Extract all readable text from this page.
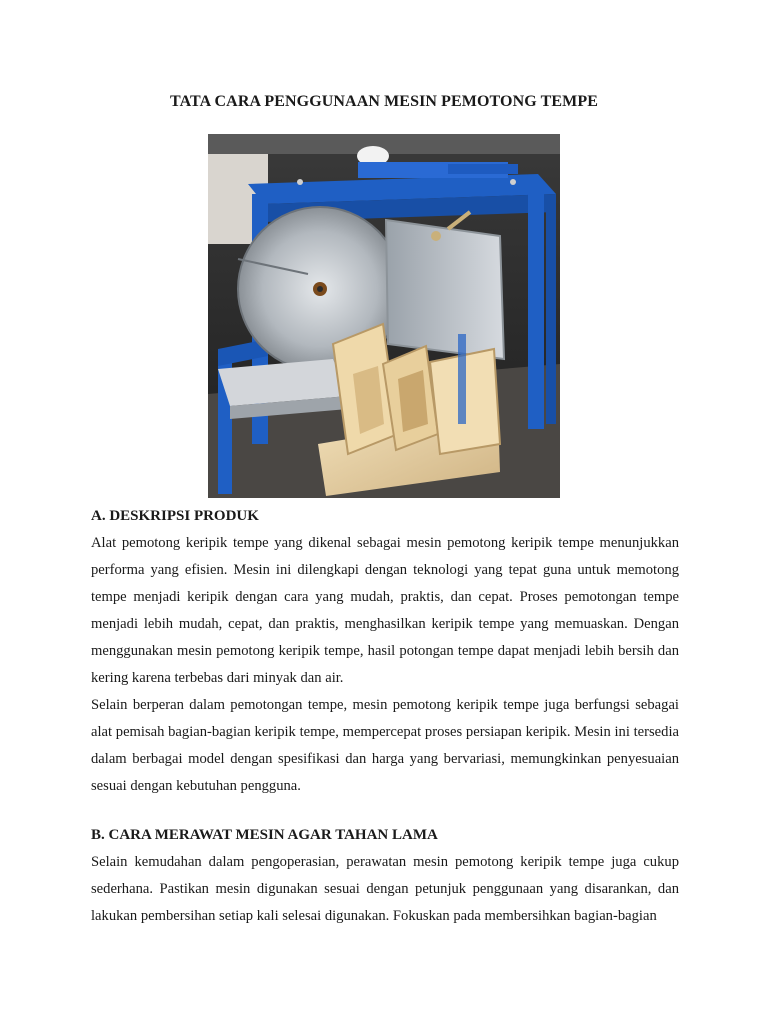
TATA CARA PENGGUNAAN MESIN PEMOTONG TEMPE
A. DESKRIPSI PRODUK

Alat pemotong keripik tempe yang dikenal sebagai mesin pemotong keripik tempe menunjukkan performa yang efisien. Mesin ini dilengkapi dengan teknologi yang tepat guna untuk memotong tempe menjadi keripik dengan cara yang mudah, praktis, dan cepat. Proses pemotongan tempe menjadi lebih mudah, cepat, dan praktis, menghasilkan keripik tempe yang memuaskan. Dengan menggunakan mesin pemotong keripik tempe, hasil potongan tempe dapat menjadi lebih bersih dan kering karena terbebas dari minyak dan air.

Selain berperan dalam pemotongan tempe, mesin pemotong keripik tempe juga berfungsi sebagai alat pemisah bagian-bagian keripik tempe, mempercepat proses persiapan keripik. Mesin ini tersedia dalam berbagai model dengan spesifikasi dan harga yang bervariasi, memungkinkan penyesuaian sesuai dengan kebutuhan pengguna.

B. CARA MERAWAT MESIN AGAR TAHAN LAMA

Selain kemudahan dalam pengoperasian, perawatan mesin pemotong keripik tempe juga cukup sederhana. Pastikan mesin digunakan sesuai dengan petunjuk penggunaan yang disarankan, dan lakukan pembersihan setiap kali selesai digunakan. Fokuskan pada membersihkan bagian-bagian
